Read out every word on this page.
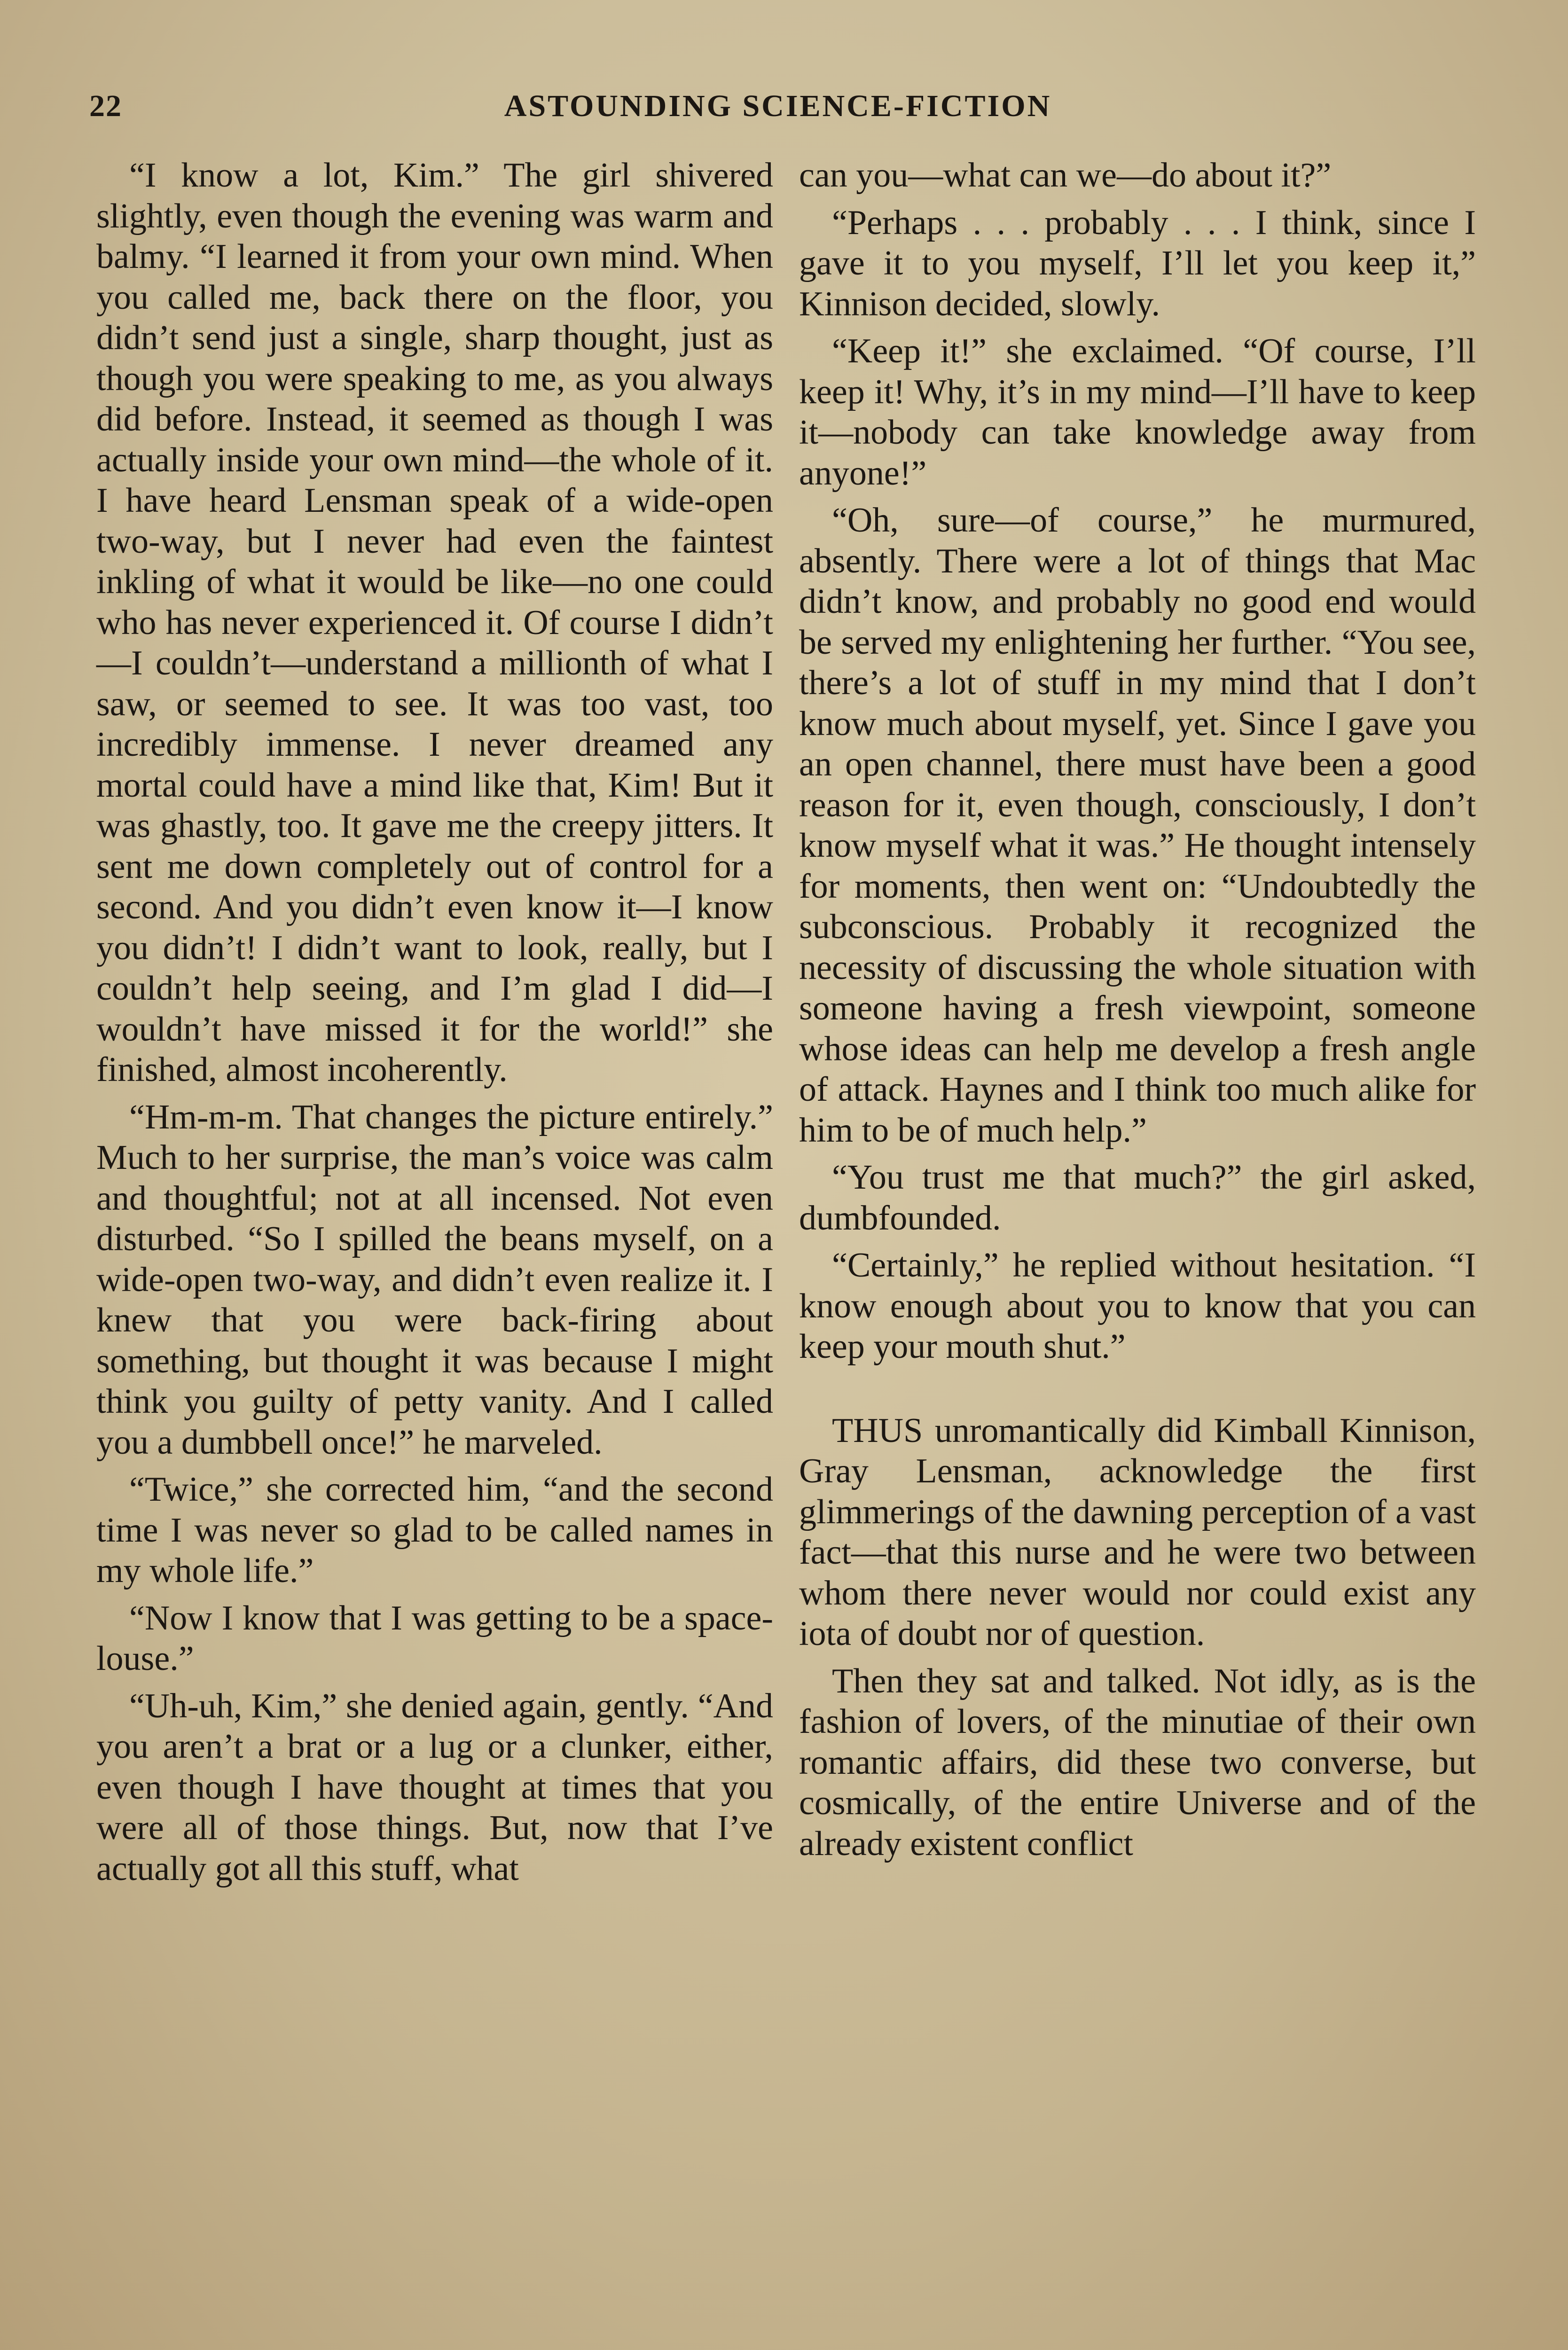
22	ASTOUNDING SCIENCE-FICTION

“I know a lot, Kim.” The girl shivered slightly, even though the evening was warm and balmy. “I learned it from your own mind. When you called me, back there on the floor, you didn’t send just a single, sharp thought, just as though you were speaking to me, as you always did before. Instead, it seemed as though I was actually inside your own mind—the whole of it. I have heard Lensman speak of a wide-open two-way, but I never had even the faintest inkling of what it would be like—no one could who has never experienced it. Of course I didn’t—I couldn’t—understand a millionth of what I saw, or seemed to see. It was too vast, too incredibly immense. I never dreamed any mortal could have a mind like that, Kim! But it was ghastly, too. It gave me the creepy jitters. It sent me down completely out of control for a second. And you didn’t even know it—I know you didn’t! I didn’t want to look, really, but I couldn’t help seeing, and I’m glad I did—I wouldn’t have missed it for the world!” she finished, almost incoherently.

“Hm-m-m. That changes the picture entirely.” Much to her surprise, the man’s voice was calm and thoughtful; not at all incensed. Not even disturbed. “So I spilled the beans myself, on a wide-open two-way, and didn’t even realize it. I knew that you were back-firing about something, but thought it was because I might think you guilty of petty vanity. And I called you a dumbbell once!” he marveled.

“Twice,” she corrected him, “and the second time I was never so glad to be called names in my whole life.”

“Now I know that I was getting to be a space-louse.”

“Uh-uh, Kim,” she denied again, gently. “And you aren’t a brat or a lug or a clunker, either, even though I have thought at times that you were all of those things. But, now that I’ve actually got all this stuff, what

can you—what can we—do about it?”

“Perhaps . . . probably . . . I think, since I gave it to you myself, I’ll let you keep it,” Kinnison decided, slowly.

“Keep it!” she exclaimed. “Of course, I’ll keep it! Why, it’s in my mind—I’ll have to keep it—nobody can take knowledge away from anyone!”

“Oh, sure—of course,” he murmured, absently. There were a lot of things that Mac didn’t know, and probably no good end would be served my enlightening her further. “You see, there’s a lot of stuff in my mind that I don’t know much about myself, yet. Since I gave you an open channel, there must have been a good reason for it, even though, consciously, I don’t know myself what it was.” He thought intensely for moments, then went on: “Undoubtedly the subconscious. Probably it recognized the necessity of discussing the whole situation with someone having a fresh viewpoint, someone whose ideas can help me develop a fresh angle of attack. Haynes and I think too much alike for him to be of much help.”

“You trust me that much?” the girl asked, dumbfounded.

“Certainly,” he replied without hesitation. “I know enough about you to know that you can keep your mouth shut.”

THUS unromantically did Kimball Kinnison, Gray Lensman, acknowledge the first glimmerings of the dawning perception of a vast fact—that this nurse and he were two between whom there never would nor could exist any iota of doubt nor of question.

Then they sat and talked. Not idly, as is the fashion of lovers, of the minutiae of their own romantic affairs, did these two converse, but cosmically, of the entire Universe and of the already existent conflict
